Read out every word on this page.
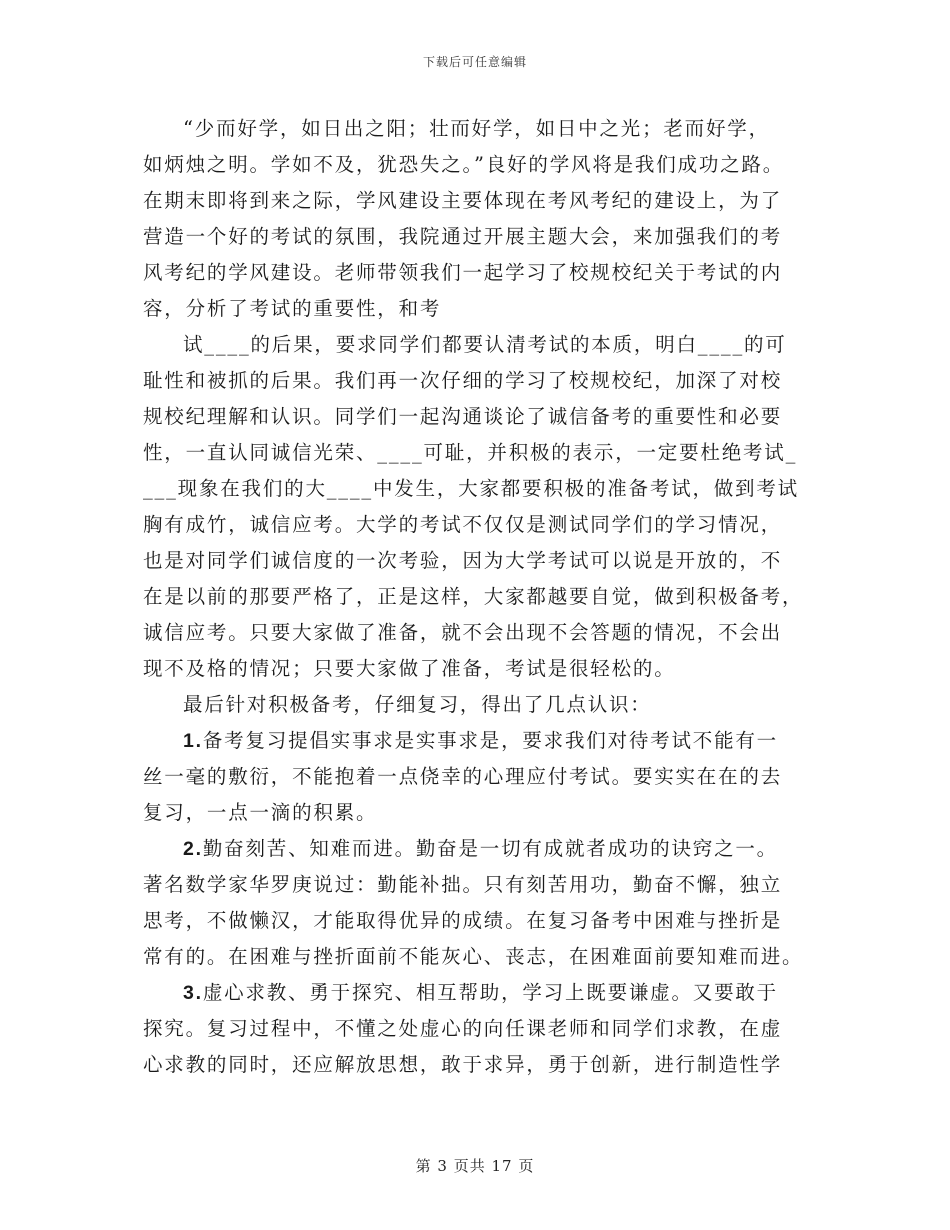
下载后可任意编辑
“少而好学，如日出之阳；壮而好学，如日中之光；老而好学，
如炳烛之明。学如不及，犹恐失之。”良好的学风将是我们成功之路。
在期末即将到来之际，学风建设主要体现在考风考纪的建设上，为了
营造一个好的考试的氛围，我院通过开展主题大会，来加强我们的考
风考纪的学风建设。老师带领我们一起学习了校规校纪关于考试的内
容，分析了考试的重要性，和考
试____的后果，要求同学们都要认清考试的本质，明白____的可
耻性和被抓的后果。我们再一次仔细的学习了校规校纪，加深了对校
规校纪理解和认识。同学们一起沟通谈论了诚信备考的重要性和必要
性，一直认同诚信光荣、____可耻，并积极的表示，一定要杜绝考试_
___现象在我们的大____中发生，大家都要积极的准备考试，做到考试
胸有成竹，诚信应考。大学的考试不仅仅是测试同学们的学习情况，
也是对同学们诚信度的一次考验，因为大学考试可以说是开放的，不
在是以前的那要严格了，正是这样，大家都越要自觉，做到积极备考，
诚信应考。只要大家做了准备，就不会出现不会答题的情况，不会出
现不及格的情况；只要大家做了准备，考试是很轻松的。
最后针对积极备考，仔细复习，得出了几点认识：
1.备考复习提倡实事求是实事求是，要求我们对待考试不能有一
丝一毫的敷衍，不能抱着一点侥幸的心理应付考试。要实实在在的去
复习，一点一滴的积累。
2.勤奋刻苦、知难而进。勤奋是一切有成就者成功的诀窍之一。
著名数学家华罗庚说过：勤能补拙。只有刻苦用功，勤奋不懈，独立
思考，不做懒汉，才能取得优异的成绩。在复习备考中困难与挫折是
常有的。在困难与挫折面前不能灰心、丧志，在困难面前要知难而进。
3.虚心求教、勇于探究、相互帮助，学习上既要谦虚。又要敢于
探究。复习过程中，不懂之处虚心的向任课老师和同学们求教，在虚
心求教的同时，还应解放思想，敢于求异，勇于创新，进行制造性学
第 3 页共 17 页
